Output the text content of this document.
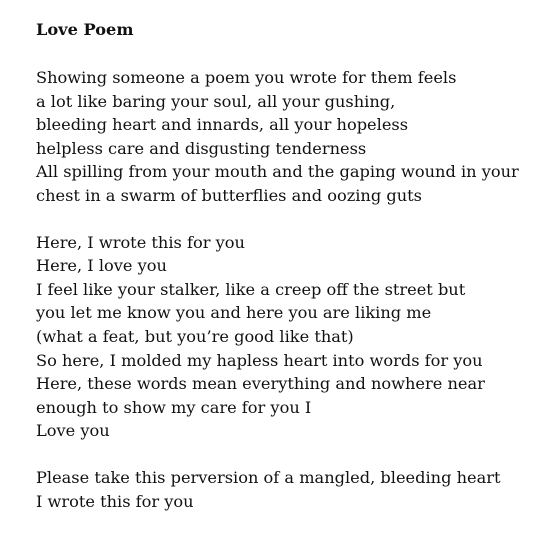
Love Poem
Showing someone a poem you wrote for them feels
a lot like baring your soul, all your gushing,
bleeding heart and innards, all your hopeless
helpless care and disgusting tenderness
All spilling from your mouth and the gaping wound in your
chest in a swarm of butterflies and oozing guts
Here, I wrote this for you
Here, I love you
I feel like your stalker, like a creep off the street but
you let me know you and here you are liking me
(what a feat, but you’re good like that)
So here, I molded my hapless heart into words for you
Here, these words mean everything and nowhere near
enough to show my care for you I
Love you
Please take this perversion of a mangled, bleeding heart
I wrote this for you
